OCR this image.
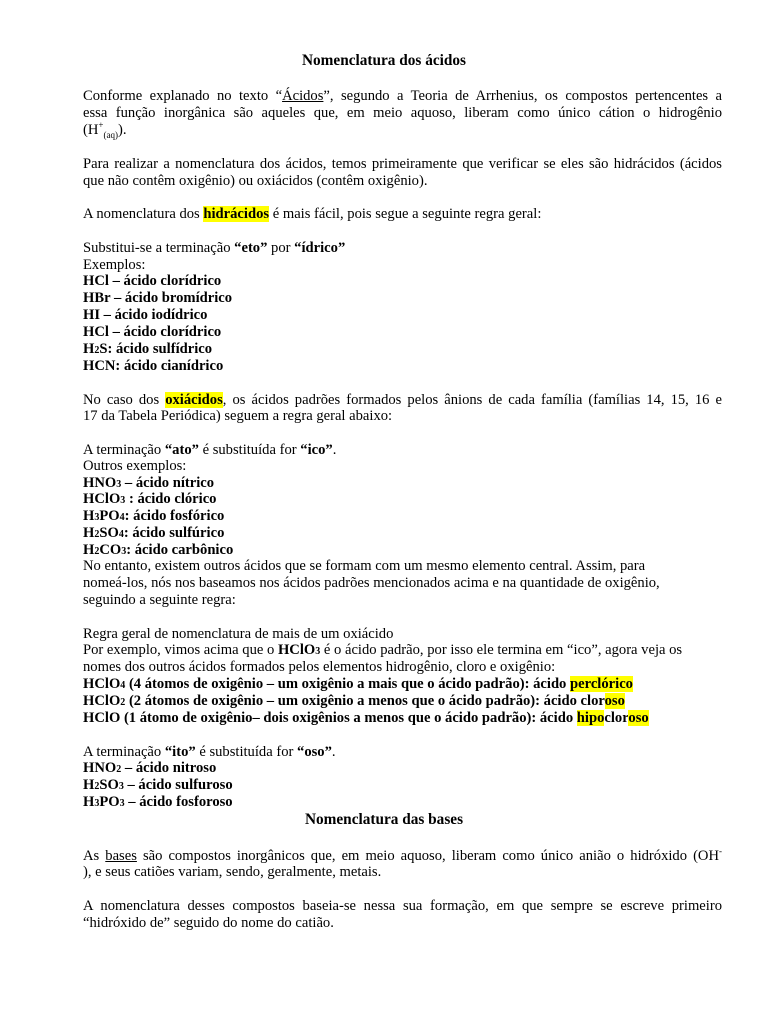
Nomenclatura dos ácidos
Conforme explanado no texto “Ácidos”, segundo a Teoria de Arrhenius, os compostos pertencentes a
essa função inorgânica são aqueles que, em meio aquoso, liberam como único cátion o hidrogênio
$(H^+_{(aq)})$.
Para realizar a nomenclatura dos ácidos, temos primeiramente que verificar se eles são hidrácidos (ácidos
que não contêm oxigênio) ou oxiácidos (contêm oxigênio).
A nomenclatura dos hidrácidos é mais fácil, pois segue a seguinte regra geral:
Substitui-se a terminação “eto” por “ídrico”
Exemplos:
HCl – ácido clorídrico
HBr – ácido bromídrico
HI – ácido iodídrico
HCl – ácido clorídrico
H2S: ácido sulfídrico
HCN: ácido cianídrico
No caso dos oxiácidos, os ácidos padrões formados pelos ânions de cada família (famílias 14, 15, 16 e
17 da Tabela Periódica) seguem a regra geral abaixo:
A terminação “ato” é substituída for “ico”.
Outros exemplos:
HNO3 – ácido nítrico
HClO3 : ácido clórico
H3PO4: ácido fosfórico
H2SO4: ácido sulfúrico
H2CO3: ácido carbônico
No entanto, existem outros ácidos que se formam com um mesmo elemento central. Assim, para
nomeá-los, nós nos baseamos nos ácidos padrões mencionados acima e na quantidade de oxigênio,
seguindo a seguinte regra:
Regra geral de nomenclatura de mais de um oxiácido
Por exemplo, vimos acima que o HClO3 é o ácido padrão, por isso ele termina em “ico”, agora veja os
nomes dos outros ácidos formados pelos elementos hidrogênio, cloro e oxigênio:
HClO4 (4 átomos de oxigênio – um oxigênio a mais que o ácido padrão): ácido perclórico
HClO2 (2 átomos de oxigênio – um oxigênio a menos que o ácido padrão): ácido cloroso
HClO (1 átomo de oxigênio– dois oxigênios a menos que o ácido padrão): ácido hipocloroso
A terminação “ito” é substituída for “oso”.
HNO2 – ácido nitroso
H2SO3 – ácido sulfuroso
H3PO3 – ácido fosforoso
Nomenclatura das bases
As bases são compostos inorgânicos que, em meio aquoso, liberam como único anião o hidróxido (OH-
), e seus catiões variam, sendo, geralmente, metais.
A nomenclatura desses compostos baseia-se nessa sua formação, em que sempre se escreve primeiro
“hidróxido de” seguido do nome do catião.
